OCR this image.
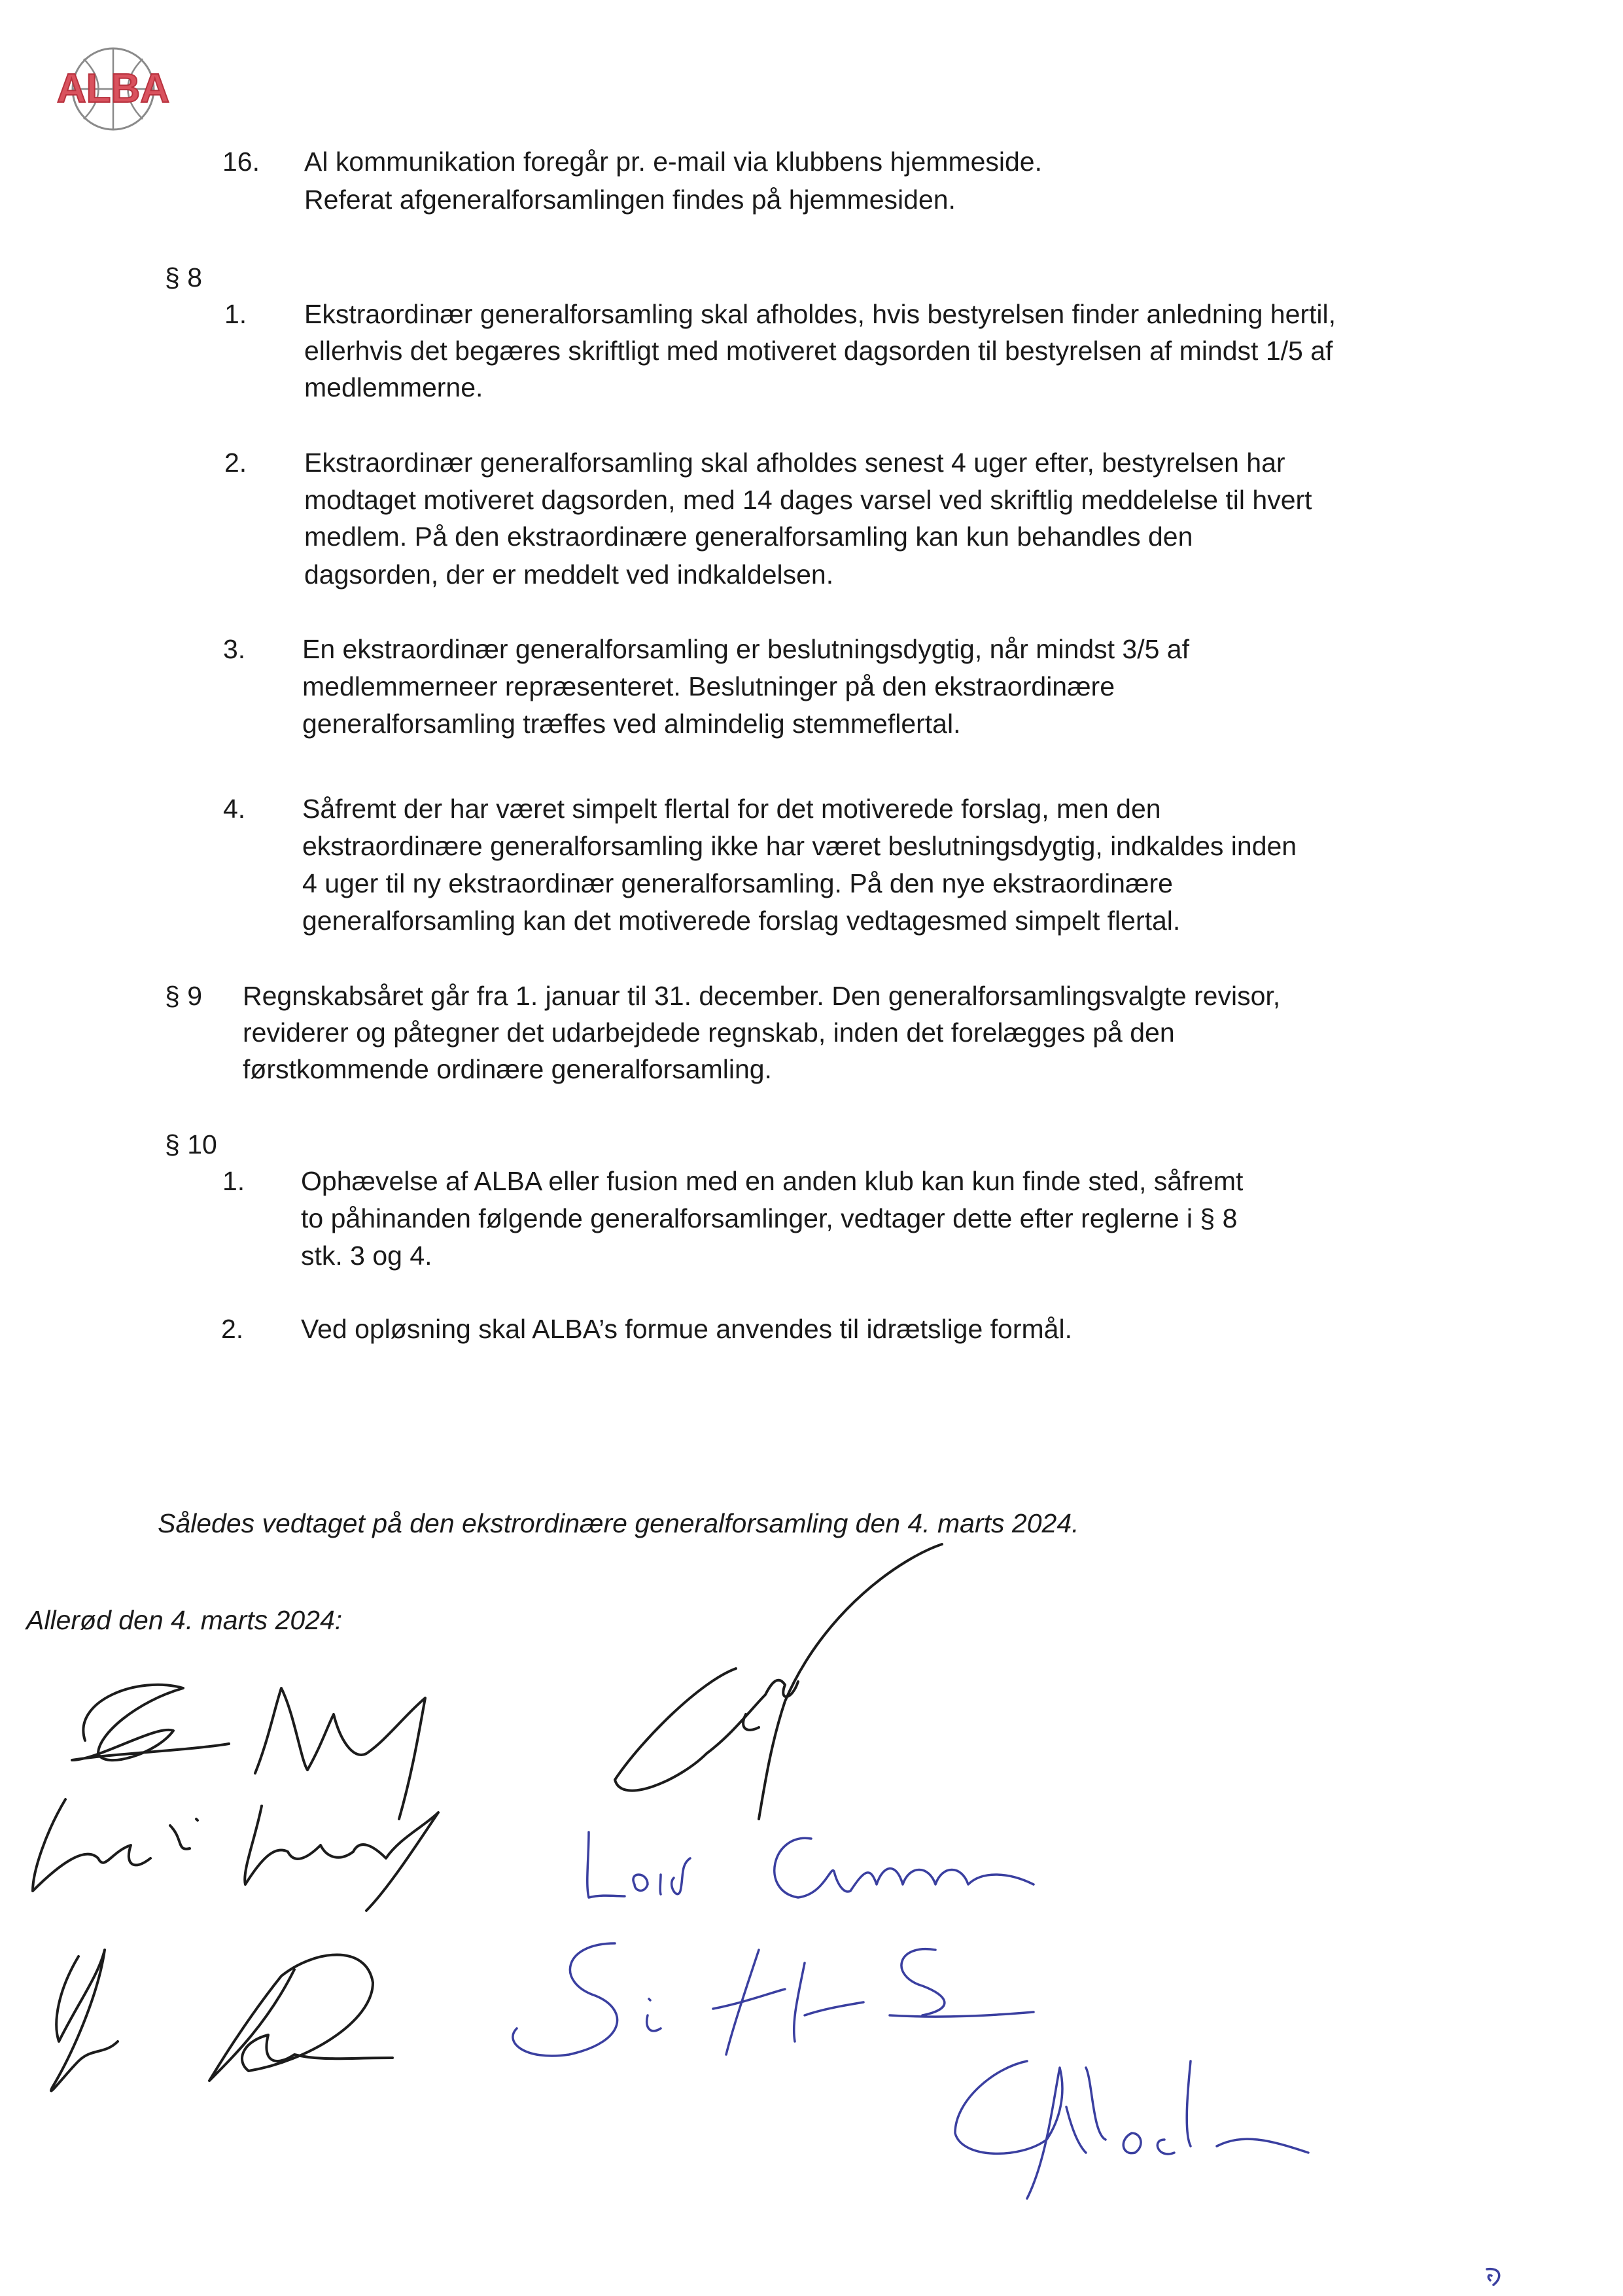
ALBA
16. Al kommunikation foregår pr. e-mail via klubbens hjemmeside.
Referat afgeneralforsamlingen findes på hjemmesiden.
§ 8
1. Ekstraordinær generalforsamling skal afholdes, hvis bestyrelsen finder anledning hertil,
ellerhvis det begæres skriftligt med motiveret dagsorden til bestyrelsen af mindst 1/5 af
medlemmerne.
2. Ekstraordinær generalforsamling skal afholdes senest 4 uger efter, bestyrelsen har
modtaget motiveret dagsorden, med 14 dages varsel ved skriftlig meddelelse til hvert
medlem. På den ekstraordinære generalforsamling kan kun behandles den
dagsorden, der er meddelt ved indkaldelsen.
3. En ekstraordinær generalforsamling er beslutningsdygtig, når mindst 3/5 af
medlemmerneer repræsenteret. Beslutninger på den ekstraordinære
generalforsamling træffes ved almindelig stemmeflertal.
4. Såfremt der har været simpelt flertal for det motiverede forslag, men den
ekstraordinære generalforsamling ikke har været beslutningsdygtig, indkaldes inden
4 uger til ny ekstraordinær generalforsamling. På den nye ekstraordinære
generalforsamling kan det motiverede forslag vedtagesmed simpelt flertal.
§ 9 Regnskabsåret går fra 1. januar til 31. december. Den generalforsamlingsvalgte revisor,
reviderer og påtegner det udarbejdede regnskab, inden det forelægges på den
førstkommende ordinære generalforsamling.
§ 10
1. Ophævelse af ALBA eller fusion med en anden klub kan kun finde sted, såfremt
to påhinanden følgende generalforsamlinger, vedtager dette efter reglerne i § 8
stk. 3 og 4.
2. Ved opløsning skal ALBA’s formue anvendes til idrætslige formål.
Således vedtaget på den ekstrordinære generalforsamling den 4. marts 2024.
Allerød den 4. marts 2024:
